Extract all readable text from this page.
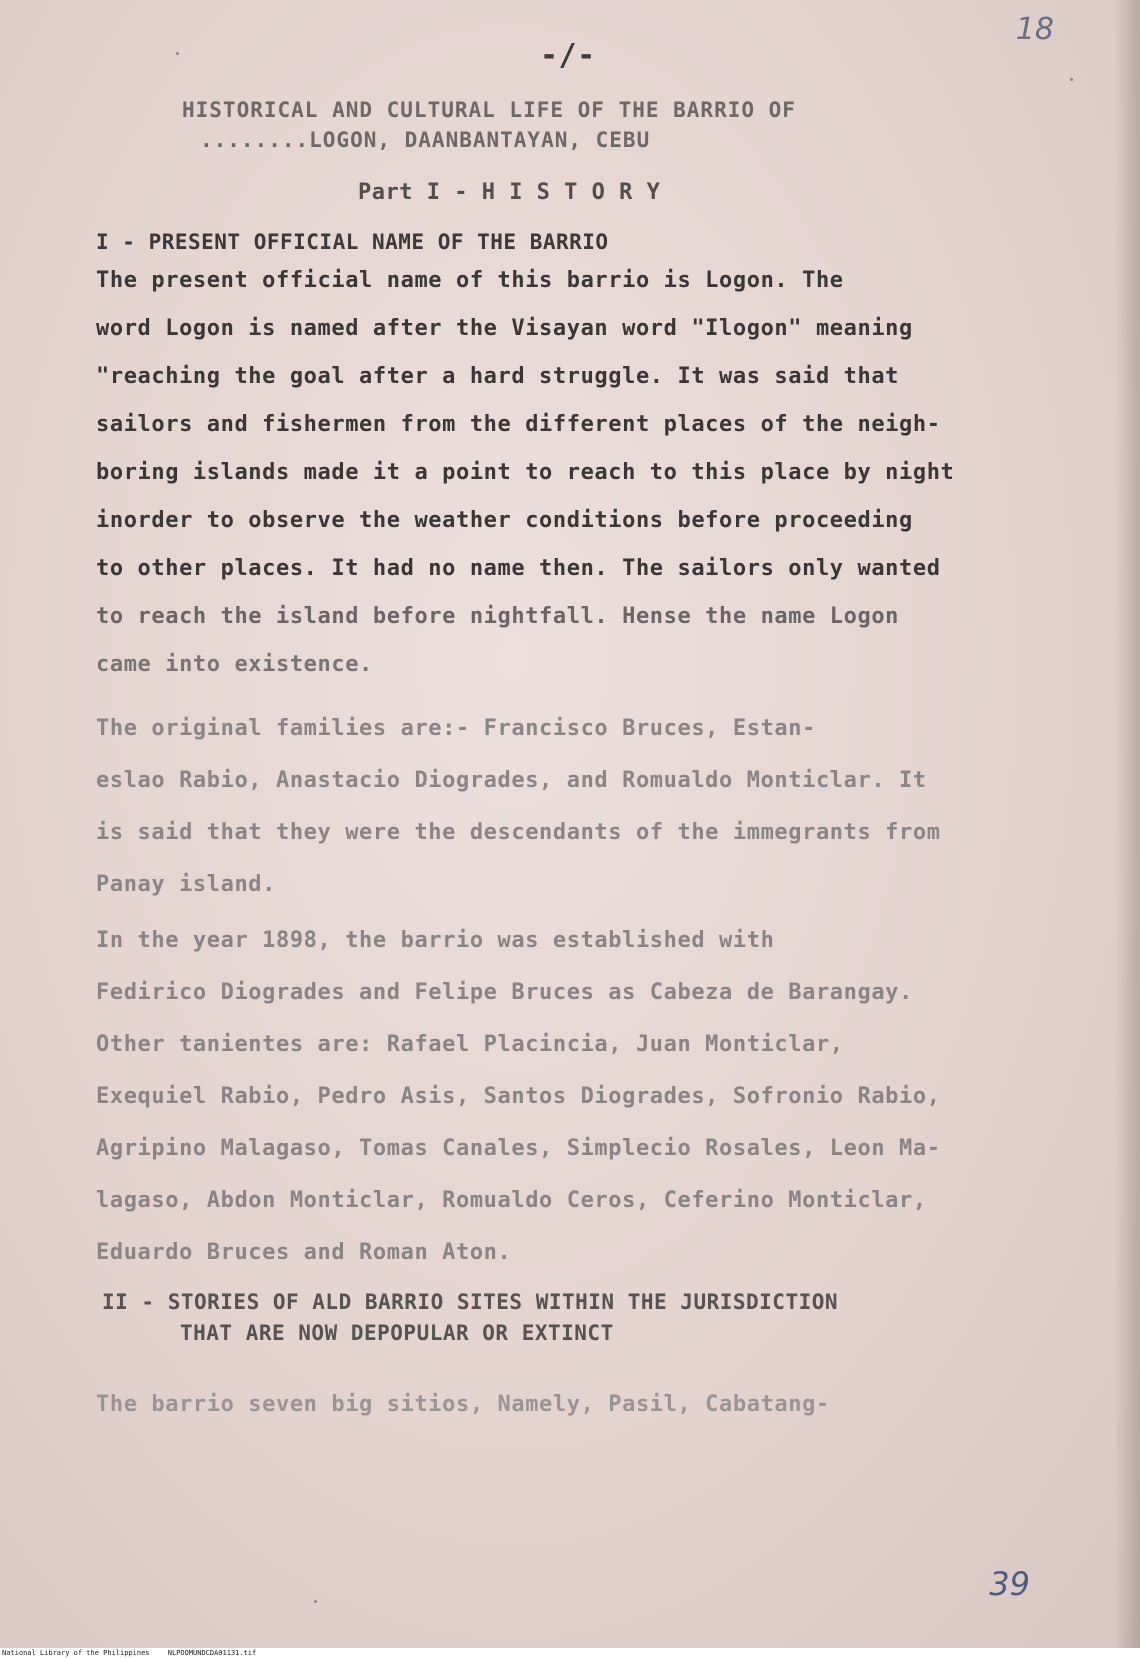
18
-/-
HISTORICAL AND CULTURAL LIFE OF THE BARRIO OF
........LOGON, DAANBANTAYAN, CEBU
Part I - H I S T O R Y
I - PRESENT OFFICIAL NAME OF THE BARRIO
The present official name of this barrio is Logon. The
word Logon is named after the Visayan word "Ilogon" meaning
"reaching the goal after a hard struggle. It was said that
sailors and fishermen from the different places of the neigh-
boring islands made it a point to reach to this place by night
inorder to observe the weather conditions before proceeding
to other places. It had no name then. The sailors only wanted
to reach the island before nightfall. Hense the name Logon
came into existence.
The original families are:- Francisco Bruces, Estan-
eslao Rabio, Anastacio Diogrades, and Romualdo Monticlar. It
is said that they were the descendants of the immegrants from
Panay island.
In the year 1898, the barrio was established with
Fedirico Diogrades and Felipe Bruces as Cabeza de Barangay.
Other tanientes are: Rafael Placincia, Juan Monticlar,
Exequiel Rabio, Pedro Asis, Santos Diogrades, Sofronio Rabio,
Agripino Malagaso, Tomas Canales, Simplecio Rosales, Leon Ma-
lagaso, Abdon Monticlar, Romualdo Ceros, Ceferino Monticlar,
Eduardo Bruces and Roman Aton.
II - STORIES OF ALD BARRIO SITES WITHIN THE JURISDICTION
THAT ARE NOW DEPOPULAR OR EXTINCT
The barrio seven big sitios, Namely, Pasil, Cabatang-
39
National Library of the Philippines	NLPOOMUNDCDA01131.tif
